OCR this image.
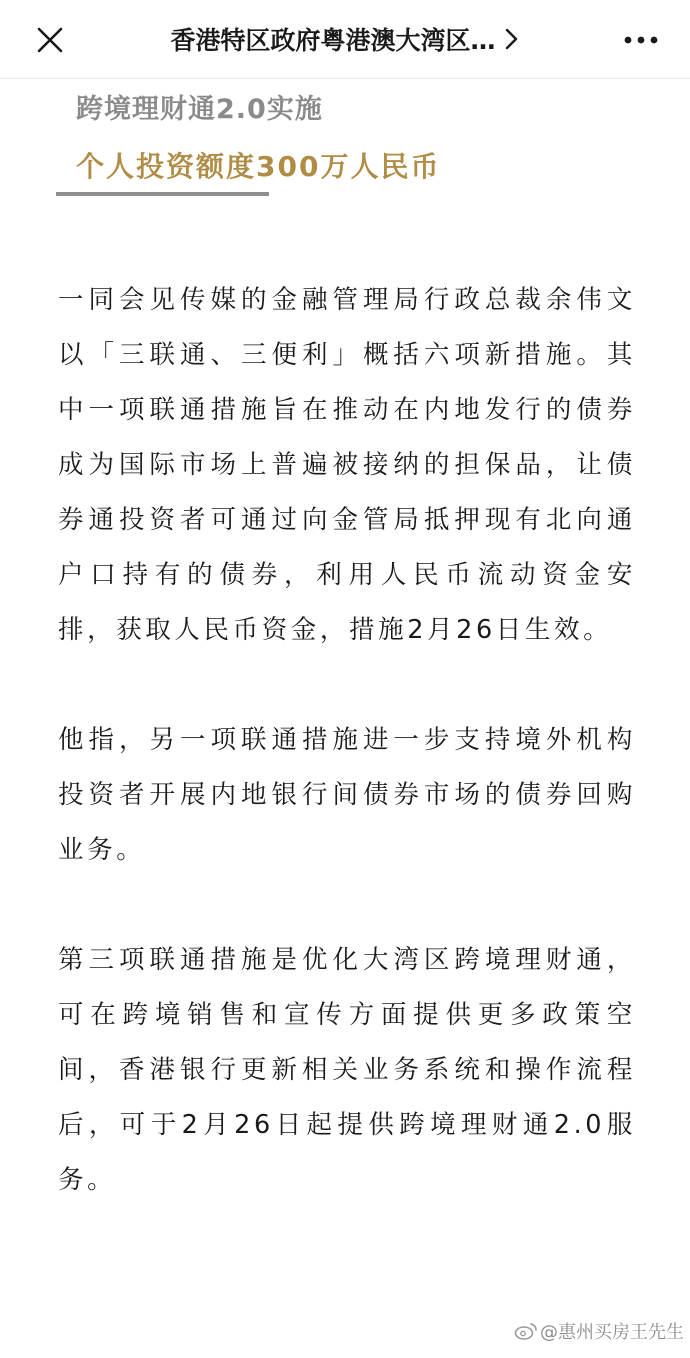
香港特区政府粤港澳大湾区…
跨境理财通2.0实施
个人投资额度300万人民币

一同会见传媒的金融管理局行政总裁余伟文以「三联通、三便利」概括六项新措施。其中一项联通措施旨在推动在内地发行的债券成为国际市场上普遍被接纳的担保品，让债券通投资者可通过向金管局抵押现有北向通户口持有的债券，利用人民币流动资金安排，获取人民币资金，措施2月26日生效。

他指，另一项联通措施进一步支持境外机构投资者开展内地银行间债券市场的债券回购业务。

第三项联通措施是优化大湾区跨境理财通，可在跨境销售和宣传方面提供更多政策空间，香港银行更新相关业务系统和操作流程后，可于2月26日起提供跨境理财通2.0服务。

@惠州买房王先生
